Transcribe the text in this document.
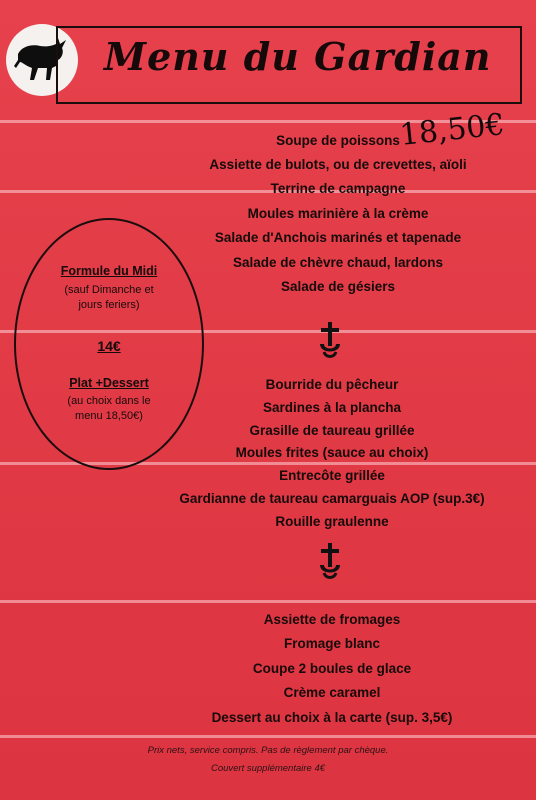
Menu du Gardian
18,50€
Soupe de poissons
Assiette de bulots, ou de crevettes, aïoli
Terrine de campagne
Moules marinière à la crème
Salade d'Anchois marinés et tapenade
Salade de chèvre chaud, lardons
Salade de gésiers
Formule du Midi
(sauf Dimanche et
jours feriers)
14€
Plat +Dessert
(au choix dans le
menu 18,50€)
Bourride du pêcheur
Sardines à la plancha
Grasille de taureau grillée
Moules frites (sauce au choix)
Entrecôte grillée
Gardianne de taureau camarguais AOP (sup.3€)
Rouille graulenne
Assiette de fromages
Fromage blanc
Coupe 2 boules de glace
Crème caramel
Dessert au choix à la carte (sup. 3,5€)
Prix nets, service compris. Pas de règlement par chèque.
Couvert supplémentaire 4€
